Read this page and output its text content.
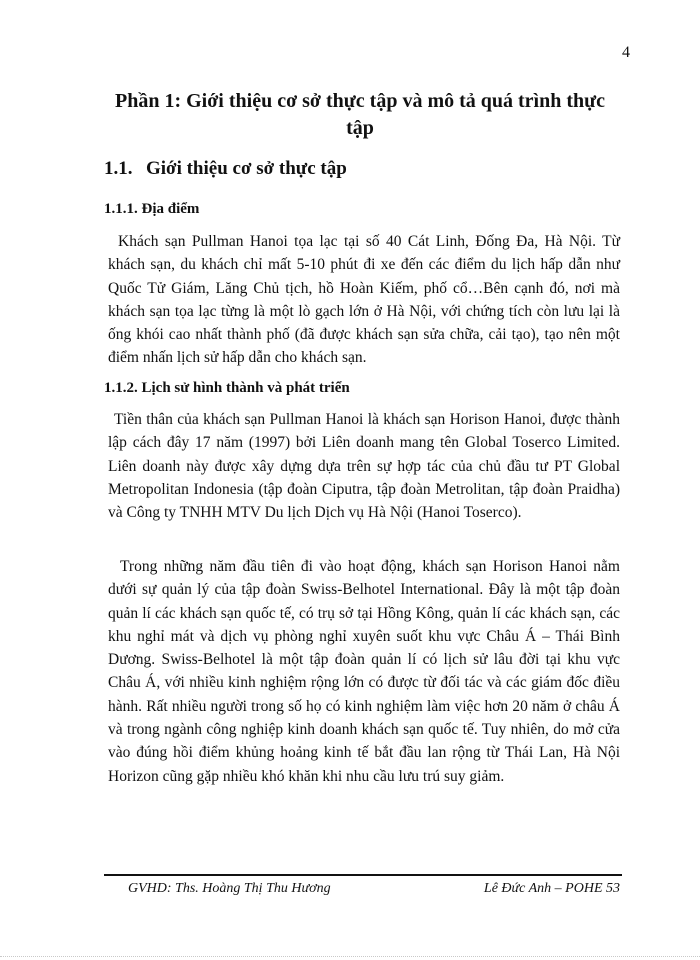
4
Phần 1: Giới thiệu cơ sở thực tập và mô tả quá trình thực tập
1.1. Giới thiệu cơ sở thực tập
1.1.1. Địa điểm

Khách sạn Pullman Hanoi tọa lạc tại số 40 Cát Linh, Đống Đa, Hà Nội. Từ khách sạn, du khách chỉ mất 5-10 phút đi xe đến các điểm du lịch hấp dẫn như Quốc Tử Giám, Lăng Chủ tịch, hồ Hoàn Kiếm, phố cổ…Bên cạnh đó, nơi mà khách sạn tọa lạc từng là một lò gạch lớn ở Hà Nội, với chứng tích còn lưu lại là ống khói cao nhất thành phố (đã được khách sạn sửa chữa, cải tạo), tạo nên một điểm nhấn lịch sử hấp dẫn cho khách sạn.

1.1.2. Lịch sử hình thành và phát triển

Tiền thân của khách sạn Pullman Hanoi là khách sạn Horison Hanoi, được thành lập cách đây 17 năm (1997) bởi Liên doanh mang tên Global Toserco Limited. Liên doanh này được xây dựng dựa trên sự hợp tác của chủ đầu tư PT Global Metropolitan Indonesia (tập đoàn Ciputra, tập đoàn Metrolitan, tập đoàn Praidha) và Công ty TNHH MTV Du lịch Dịch vụ Hà Nội (Hanoi Toserco).

Trong những năm đầu tiên đi vào hoạt động, khách sạn Horison Hanoi nằm dưới sự quản lý của tập đoàn Swiss-Belhotel International. Đây là một tập đoàn quản lí các khách sạn quốc tế, có trụ sở tại Hồng Kông, quản lí các khách sạn, các khu nghỉ mát và dịch vụ phòng nghỉ xuyên suốt khu vực Châu Á – Thái Bình Dương. Swiss-Belhotel là một tập đoàn quản lí có lịch sử lâu đời tại khu vực Châu Á, với nhiều kinh nghiệm rộng lớn có được từ đối tác và các giám đốc điều hành. Rất nhiều người trong số họ có kinh nghiệm làm việc hơn 20 năm ở châu Á và trong ngành công nghiệp kinh doanh khách sạn quốc tế. Tuy nhiên, do mở cửa vào đúng hồi điểm khủng hoảng kinh tế bắt đầu lan rộng từ Thái Lan, Hà Nội Horizon cũng gặp nhiều khó khăn khi nhu cầu lưu trú suy giảm.

GVHD: Ths. Hoàng Thị Thu Hương	Lê Đức Anh – POHE 53
